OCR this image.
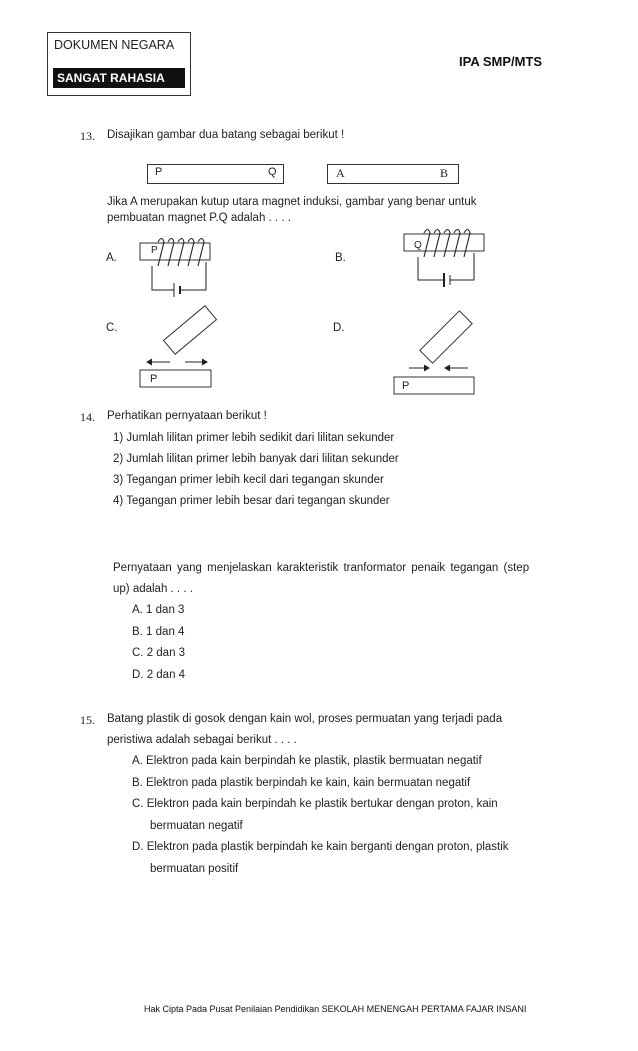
DOKUMEN NEGARA
SANGAT RAHASIA
IPA SMP/MTS
13. Disajikan gambar dua batang sebagai berikut !
P	Q	A	B
Jika A merupakan kutup utara magnet induksi, gambar yang benar untuk
pembuatan magnet P.Q adalah . . . .
A.
P
B.
Q
C.
P
D.
P
14. Perhatikan pernyataan berikut !
1) Jumlah lilitan primer lebih sedikit dari lilitan sekunder
2) Jumlah lilitan primer lebih banyak dari lilitan sekunder
3) Tegangan primer lebih kecil dari tegangan skunder
4) Tegangan primer lebih besar dari tegangan skunder
Pernyataan yang menjelaskan karakteristik tranformator penaik tegangan (step
up) adalah . . . .
A. 1 dan 3
B. 1 dan 4
C. 2 dan 3
D. 2 dan 4
15. Batang plastik di gosok dengan kain wol, proses permuatan yang terjadi pada
peristiwa adalah sebagai berikut . . . .
A. Elektron pada kain berpindah ke plastik, plastik bermuatan negatif
B. Elektron pada plastik berpindah ke kain, kain bermuatan negatif
C. Elektron pada kain berpindah ke plastik bertukar dengan proton, kain
bermuatan negatif
D. Elektron pada plastik berpindah ke kain berganti dengan proton, plastik
bermuatan positif
Hak Cipta Pada Pusat Penilaian Pendidikan SEKOLAH MENENGAH PERTAMA FAJAR INSANI
